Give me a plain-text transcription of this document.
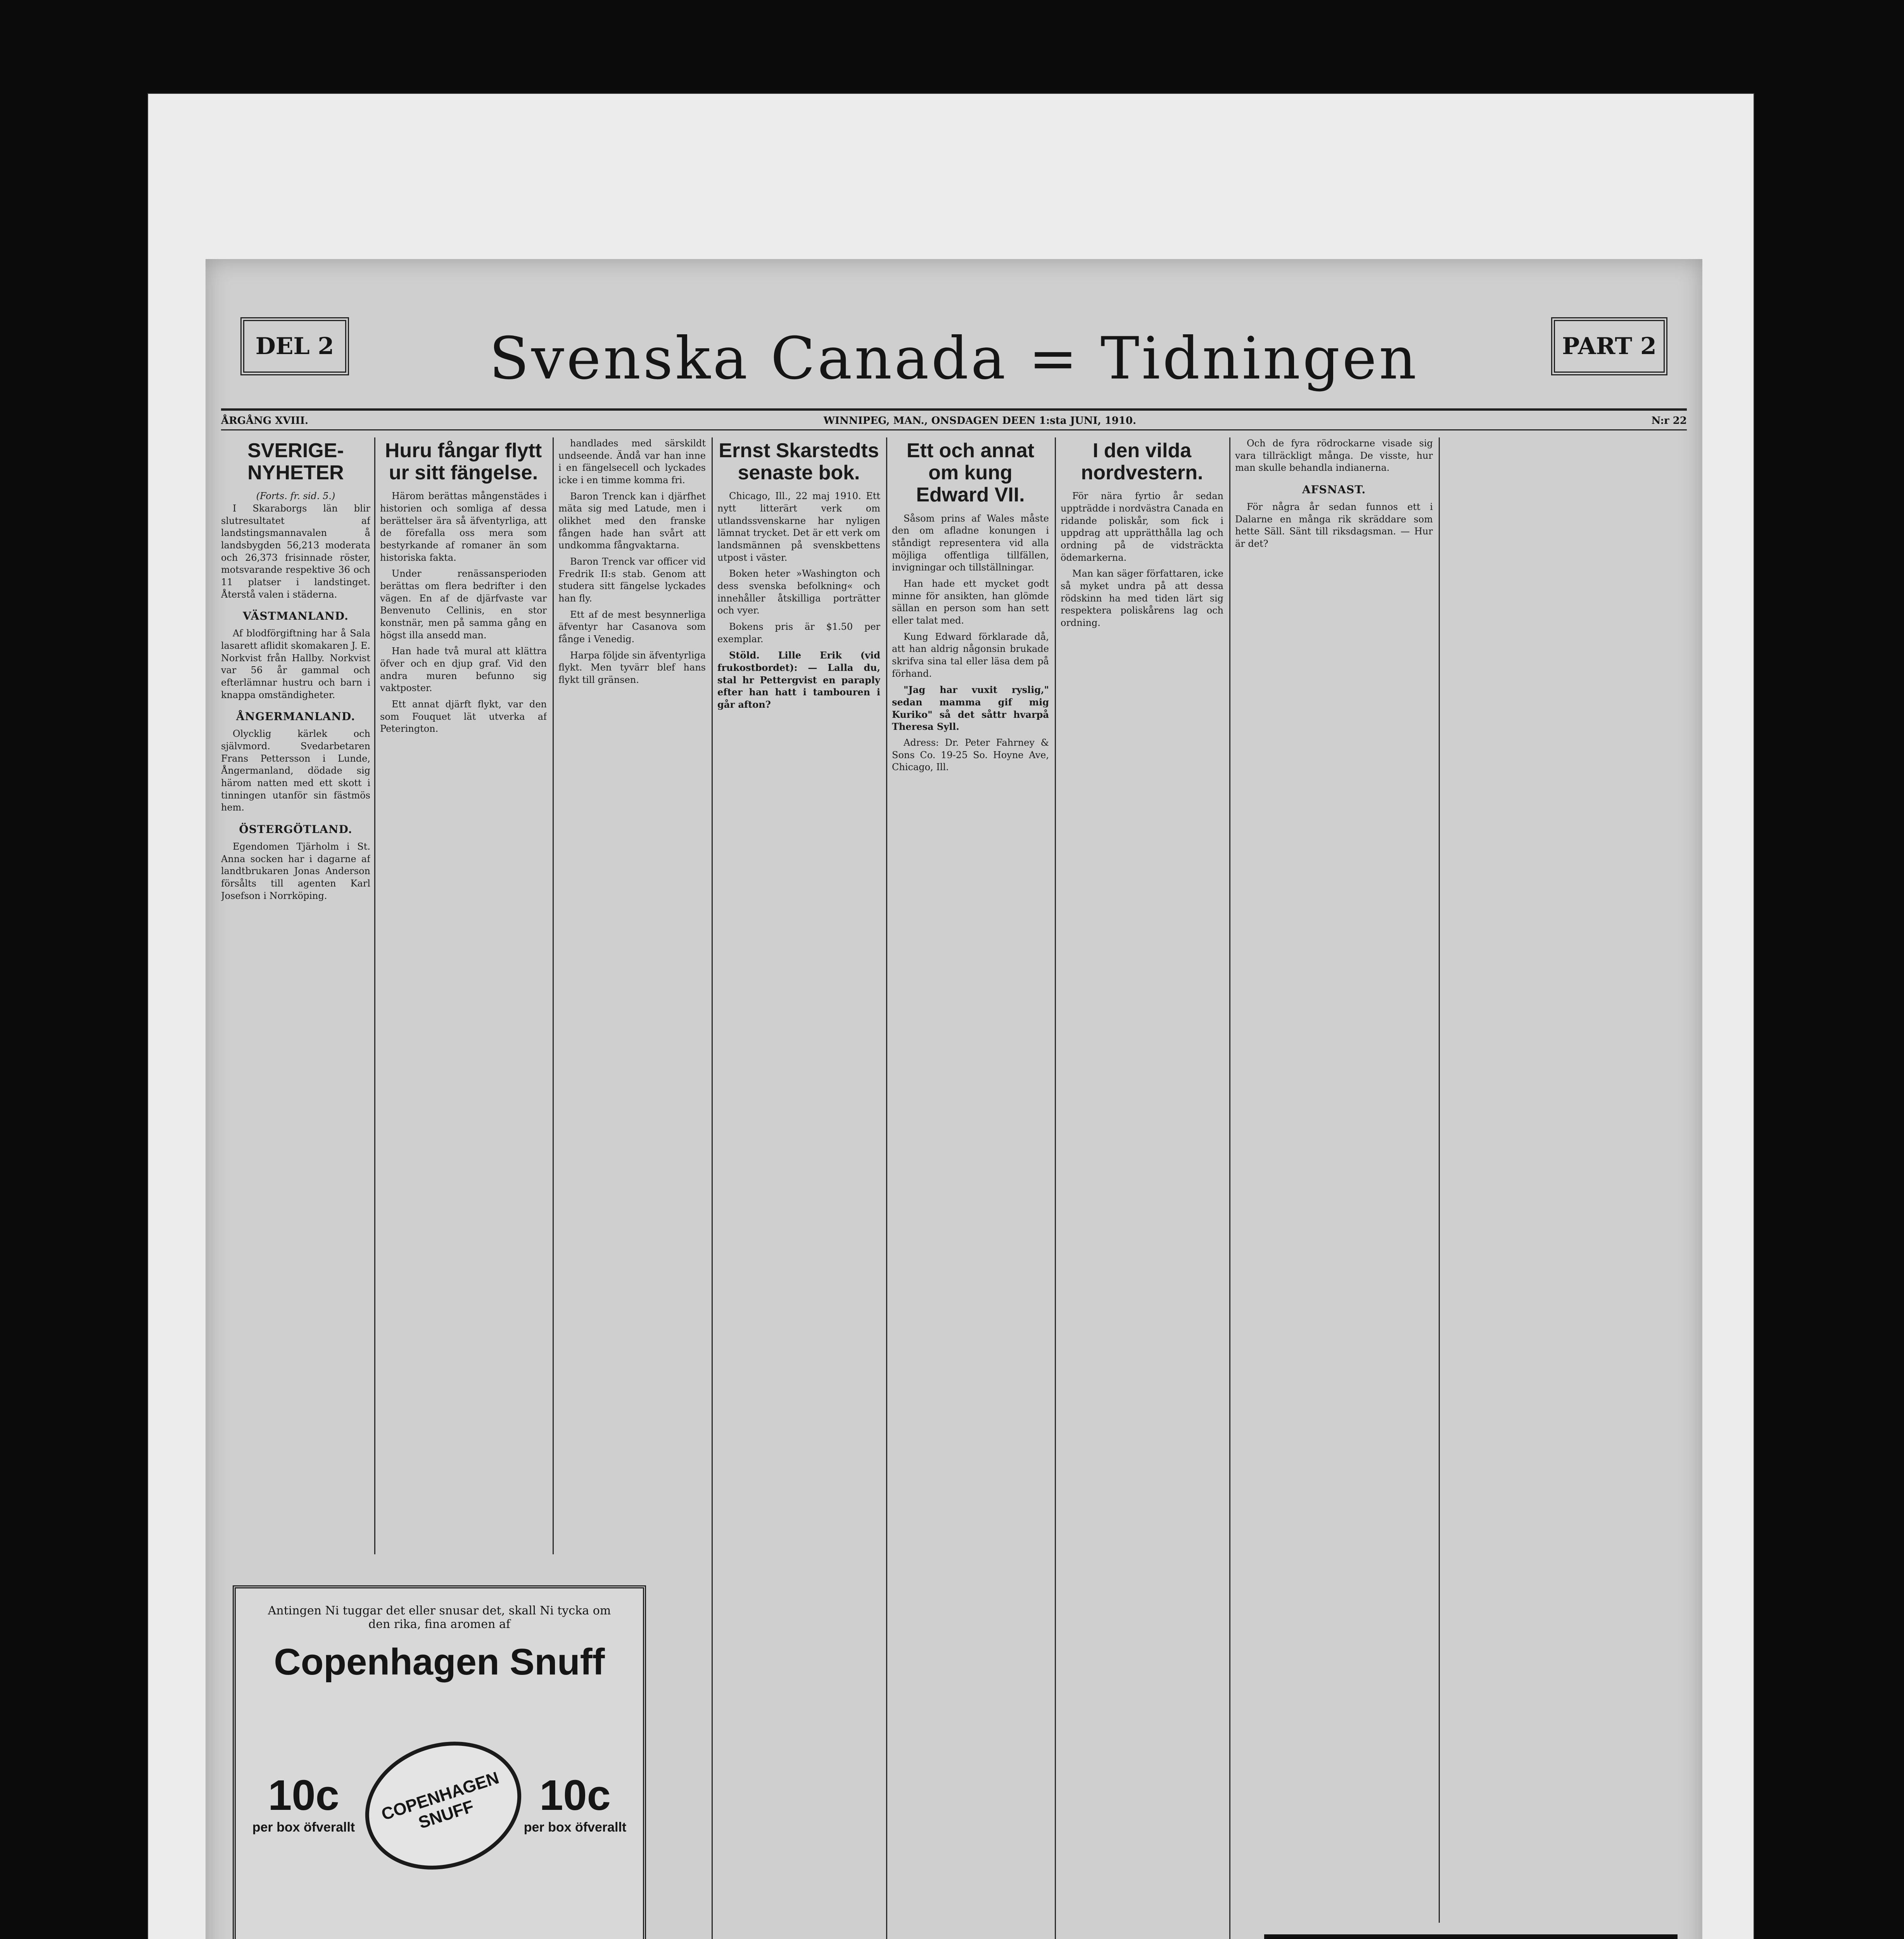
DEL 2	Svenska Canada = Tidningen	PART 2
ÅRGÅNG XVIII.	WINNIPEG, MAN., ONSDAGEN DEEN 1:sta JUNI, 1910.	N:r 22
SVERIGE-NYHETER
(Forts. fr. sid. 5.)

I Skaraborgs län blir slutresultatet af landstingsmannavalen å landsbygden 56,213 moderata och 26,373 frisinnade röster, motsvarande respektive 36 och 11 platser i landstinget. Återstå valen i städerna.

VÄSTMANLAND.

Af blodförgiftning har å Sala lasarett aflidit skomakaren J. E. Norkvist från Hallby. Norkvist var 56 år gammal och efterlämnar hustru och barn i knappa omständigheter.

ÅNGERMANLAND.

Olycklig kärlek och självmord. Svedarbetaren Frans Pettersson i Lunde, Ångermanland, dödade sig härom natten med ett skott i tinningen utanför sin fästmös hem.

ÖSTERGÖTLAND.

Egendomen Tjärholm i St. Anna socken har i dagarne af landtbrukaren Jonas Anderson försålts till agenten Karl Josefson i Norrköping.

Huru fångar flytt ur sitt fängelse.

Härom berättas mångenstädes i historien och somliga af dessa berättelser ära så äfventyrliga, att de förefalla oss mera som bestyrkande af romaner än som historiska fakta.

Under renässansperioden berättas om flera bedrifter i den vägen. En af de djärfvaste var Benvenuto Cellinis, en stor konstnär, men på samma gång en högst illa ansedd man.

Han hade två mural att klättra öfver och en djup graf. Vid den andra muren befunno sig vaktposter.

Ett annat djärft flykt, var den som Fouquet lät utverka af Peterington.

handlades med särskildt undseende. Ändå var han inne i en fängelsecell och lyckades icke i en timme komma fri.

Baron Trenck kan i djärfhet mäta sig med Latude, men i olikhet med den franske fången hade han svårt att undkomma fångvaktarna.

Baron Trenck var officer vid Fredrik II:s stab. Genom att studera sitt fängelse lyckades han fly.

Ett af de mest besynnerliga äfventyr har Casanova som fånge i Venedig.

Harpa följde sin äfventyrliga flykt. Men tyvärr blef hans flykt till gränsen.

Ernst Skarstedts senaste bok.

Chicago, Ill., 22 maj 1910. Ett nytt litterärt verk om utlandssvenskarne har nyligen lämnat trycket. Det är ett verk om landsmännen på svenskbettens utpost i väster.

Boken heter »Washington och dess svenska befolkning« och innehåller åtskilliga porträtter och vyer.

Bokens pris är $1.50 per exemplar.

Stöld. Lille Erik (vid frukostbordet): — Lalla du, stal hr Pettergvist en paraply efter han hatt i tambouren i går afton?

Ett och annat om kung Edward VII.

Såsom prins af Wales måste den om afladne konungen i ståndigt representera vid alla möjliga offentliga tillfällen, invigningar och tillställningar.

Han hade ett mycket godt minne för ansikten, han glömde sällan en person som han sett eller talat med.

Kung Edward förklarade då, att han aldrig någonsin brukade skrifva sina tal eller läsa dem på förhand.

"Jag har vuxit ryslig," sedan mamma gif mig Kuriko" så det såttr hvarpå Theresa Syll.

Adress: Dr. Peter Fahrney & Sons Co. 19-25 So. Hoyne Ave, Chicago, Ill.

I den vilda nordvestern.

För nära fyrtio år sedan uppträdde i nordvästra Canada en ridande poliskår, som fick i uppdrag att upprätthålla lag och ordning på de vidsträckta ödemarkerna.

Man kan säger författaren, icke så myket undra på att dessa rödskinn ha med tiden lärt sig respektera poliskårens lag och ordning.

Och de fyra rödrockarne visade sig vara tillräckligt många. De visste, hur man skulle behandla indianerna.

AFSNAST.

För några år sedan funnos ett i Dalarne en många rik skräddare som hette Säll. Sänt till riksdagsman. — Hur är det?

Antingen Ni tuggar det eller snusar det, skall Ni tycka om den rika, fina aromen af
Copenhagen Snuff
COPENHAGEN SNUFF
10c
per box öfverallt
10c
per box öfverallt
